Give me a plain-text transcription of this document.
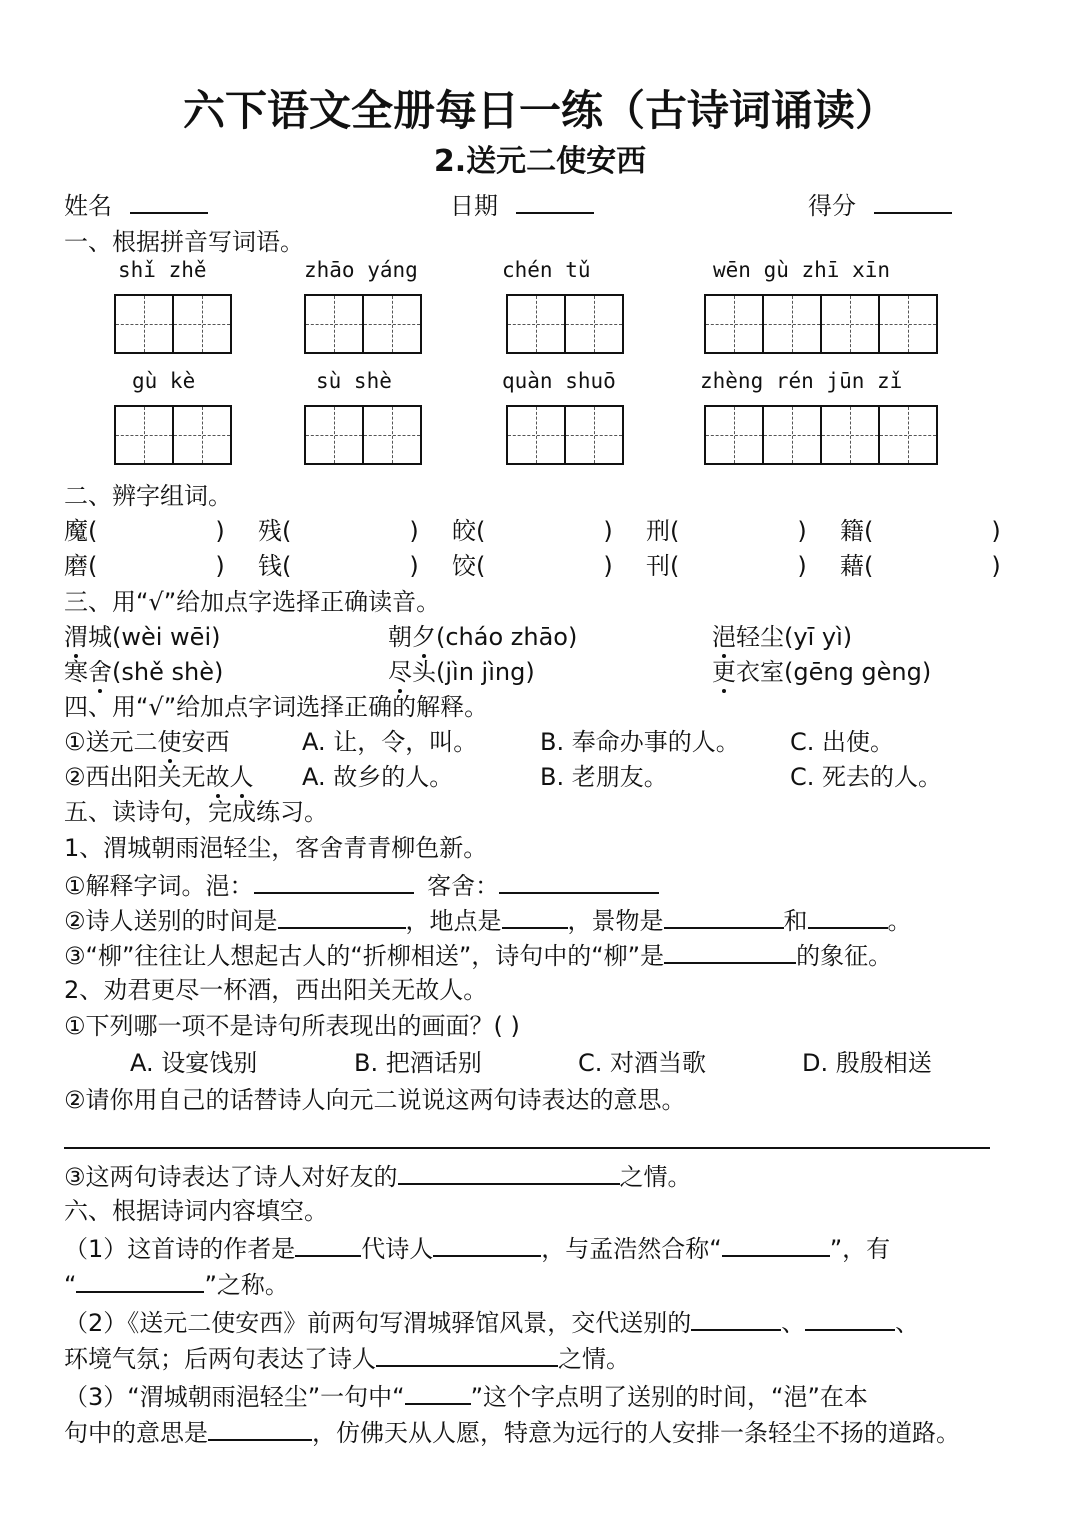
六下语文全册每日一练（古诗词诵读）
2.送元二使安西
姓名	日期	得分
一、根据拼音写词语。
shǐ zhě	zhāo yáng	chén tǔ	wēn gù zhī xīn
gù kè	sù shè	quàn shuō	zhèng rén jūn zǐ
二、辨字组词。
魔(	) 残(	) 皎(	) 刑(	) 籍(	)
磨(	) 钱(	) 饺(	) 刊(	) 藉(	)
三、用“√”给加点字选择正确读音。
渭城(wèi wēi)	朝夕(cháo zhāo)	浥轻尘(yī yì)
寒舍(shě shè)	尽头(jìn jìng)	更衣室(gēng gèng)
四、用“√”给加点字词选择正确的解释。
①送元二使安西	A. 让，令，叫。	B. 奉命办事的人。 C. 出使。
②西出阳关无故人 A. 故乡的人。	B. 老朋友。	C. 死去的人。
五、读诗句，完成练习。
1、渭城朝雨浥轻尘，客舍青青柳色新。
①解释字词。浥：	客舍：
②诗人送别的时间是	，地点是	，景物是	和	。
③“柳”往往让人想起古人的“折柳相送”，诗句中的“柳”是	的象征。
2、劝君更尽一杯酒，西出阳关无故人。
①下列哪一项不是诗句所表现出的画面？( )
A. 设宴饯别	B. 把酒话别	C. 对酒当歌	D. 殷殷相送
②请你用自己的话替诗人向元二说说这两句诗表达的意思。
③这两句诗表达了诗人对好友的	之情。
六、根据诗词内容填空。
（1）这首诗的作者是	代诗人	，与孟浩然合称“	”，有
“	”之称。
（2）《送元二使安西》前两句写渭城驿馆风景，交代送别的	、	、
环境气氛；后两句表达了诗人	之情。
（3）“渭城朝雨浥轻尘”一句中“	”这个字点明了送别的时间，“浥”在本
句中的意思是	，仿佛天从人愿，特意为远行的人安排一条轻尘不扬的道路。
